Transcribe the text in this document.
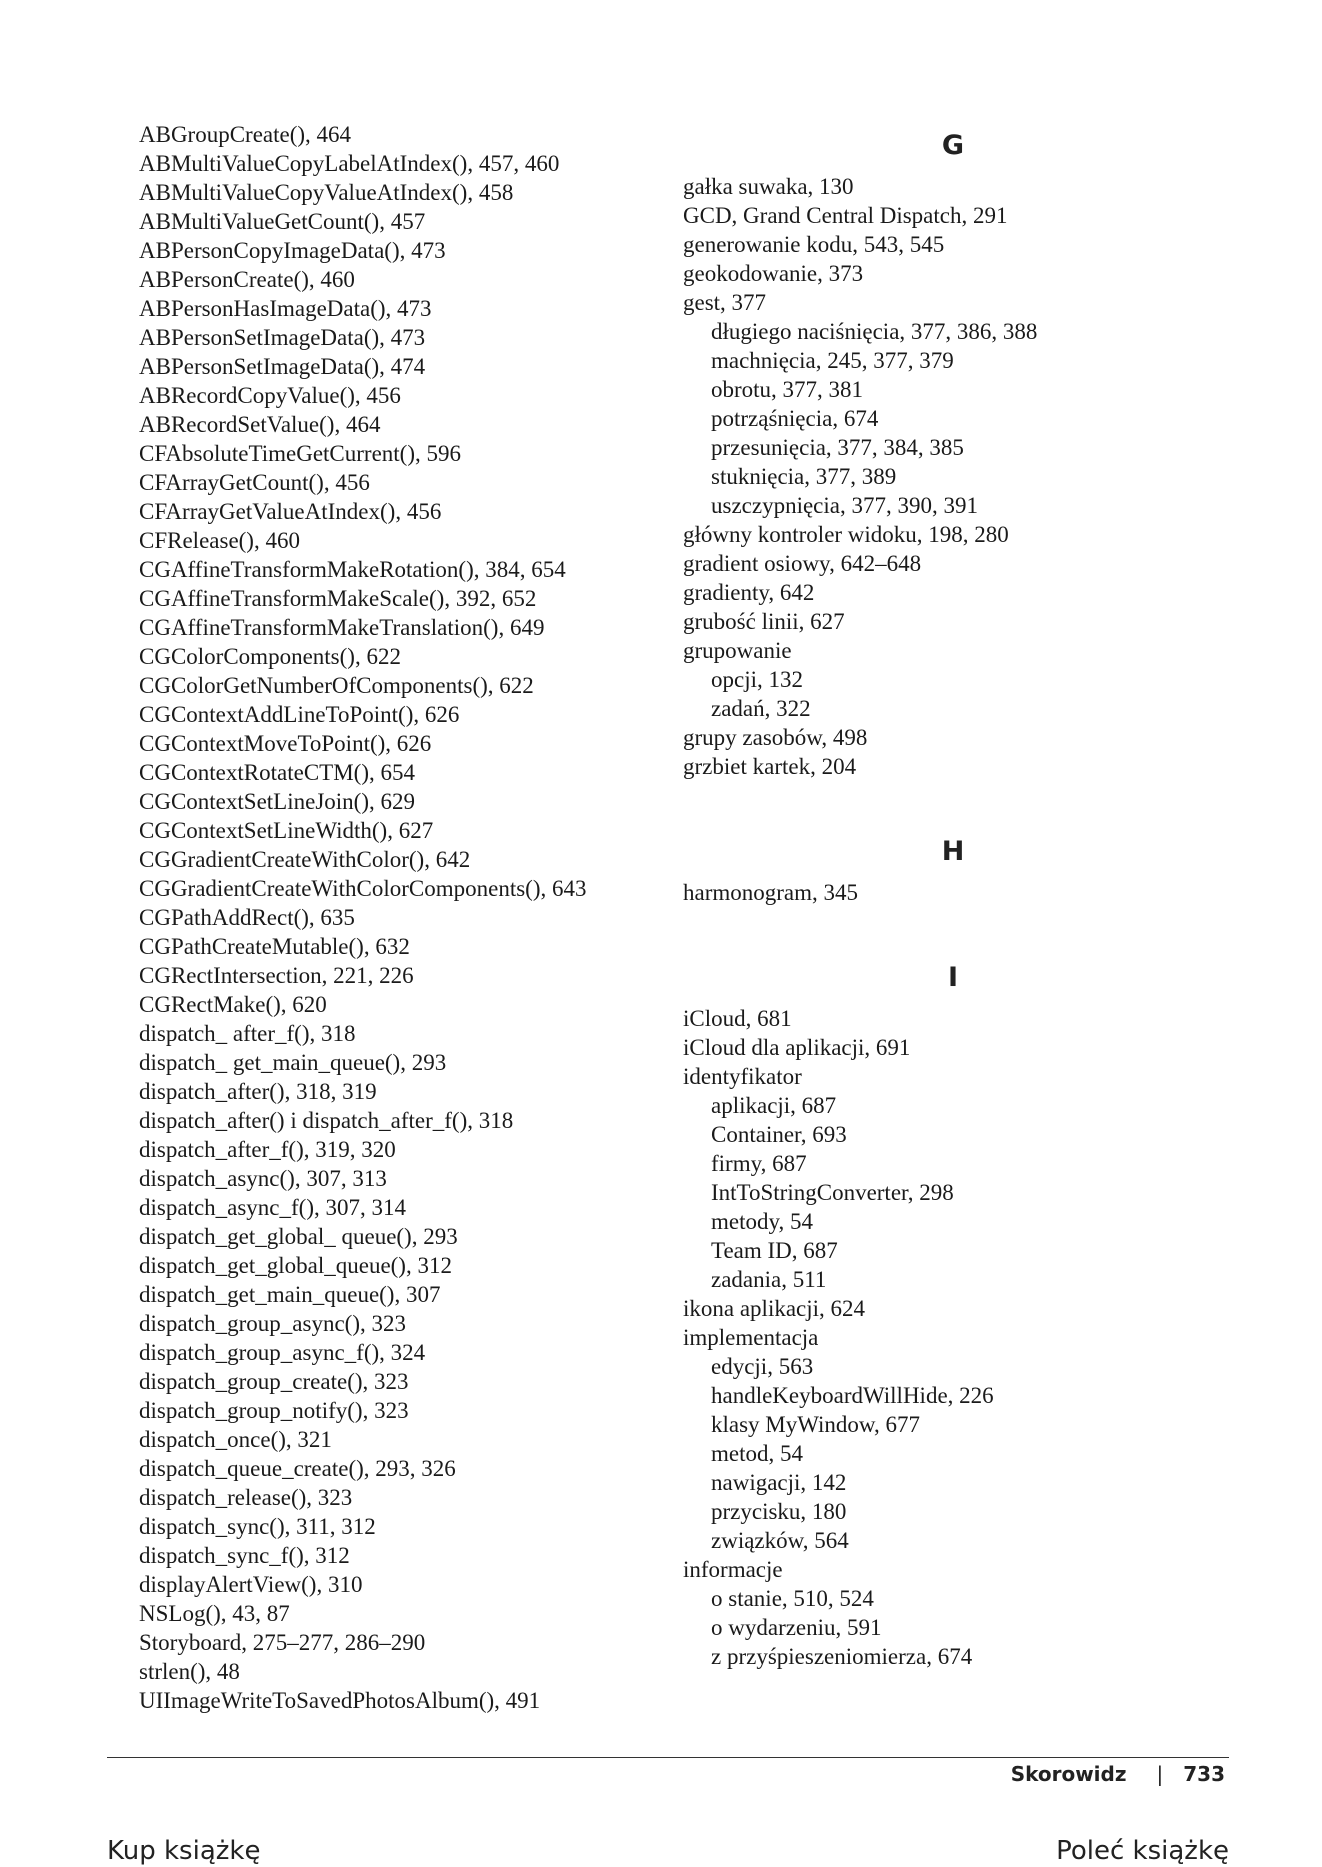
ABGroupCreate(), 464
ABMultiValueCopyLabelAtIndex(), 457, 460
ABMultiValueCopyValueAtIndex(), 458
ABMultiValueGetCount(), 457
ABPersonCopyImageData(), 473
ABPersonCreate(), 460
ABPersonHasImageData(), 473
ABPersonSetImageData(), 473
ABPersonSetImageData(), 474
ABRecordCopyValue(), 456
ABRecordSetValue(), 464
CFAbsoluteTimeGetCurrent(), 596
CFArrayGetCount(), 456
CFArrayGetValueAtIndex(), 456
CFRelease(), 460
CGAffineTransformMakeRotation(), 384, 654
CGAffineTransformMakeScale(), 392, 652
CGAffineTransformMakeTranslation(), 649
CGColorComponents(), 622
CGColorGetNumberOfComponents(), 622
CGContextAddLineToPoint(), 626
CGContextMoveToPoint(), 626
CGContextRotateCTM(), 654
CGContextSetLineJoin(), 629
CGContextSetLineWidth(), 627
CGGradientCreateWithColor(), 642
CGGradientCreateWithColorComponents(), 643
CGPathAddRect(), 635
CGPathCreateMutable(), 632
CGRectIntersection, 221, 226
CGRectMake(), 620
dispatch_ after_f(), 318
dispatch_ get_main_queue(), 293
dispatch_after(), 318, 319
dispatch_after() i dispatch_after_f(), 318
dispatch_after_f(), 319, 320
dispatch_async(), 307, 313
dispatch_async_f(), 307, 314
dispatch_get_global_ queue(), 293
dispatch_get_global_queue(), 312
dispatch_get_main_queue(), 307
dispatch_group_async(), 323
dispatch_group_async_f(), 324
dispatch_group_create(), 323
dispatch_group_notify(), 323
dispatch_once(), 321
dispatch_queue_create(), 293, 326
dispatch_release(), 323
dispatch_sync(), 311, 312
dispatch_sync_f(), 312
displayAlertView(), 310
NSLog(), 43, 87
Storyboard, 275–277, 286–290
strlen(), 48
UIImageWriteToSavedPhotosAlbum(), 491
G
gałka suwaka, 130
GCD, Grand Central Dispatch, 291
generowanie kodu, 543, 545
geokodowanie, 373
gest, 377
długiego naciśnięcia, 377, 386, 388
machnięcia, 245, 377, 379
obrotu, 377, 381
potrząśnięcia, 674
przesunięcia, 377, 384, 385
stuknięcia, 377, 389
uszczypnięcia, 377, 390, 391
główny kontroler widoku, 198, 280
gradient osiowy, 642–648
gradienty, 642
grubość linii, 627
grupowanie
opcji, 132
zadań, 322
grupy zasobów, 498
grzbiet kartek, 204
H
harmonogram, 345
I
iCloud, 681
iCloud dla aplikacji, 691
identyfikator
aplikacji, 687
Container, 693
firmy, 687
IntToStringConverter, 298
metody, 54
Team ID, 687
zadania, 511
ikona aplikacji, 624
implementacja
edycji, 563
handleKeyboardWillHide, 226
klasy MyWindow, 677
metod, 54
nawigacji, 142
przycisku, 180
związków, 564
informacje
o stanie, 510, 524
o wydarzeniu, 591
z przyśpieszeniomierza, 674
Skorowidz | 733
Kup książkę	Poleć książkę
